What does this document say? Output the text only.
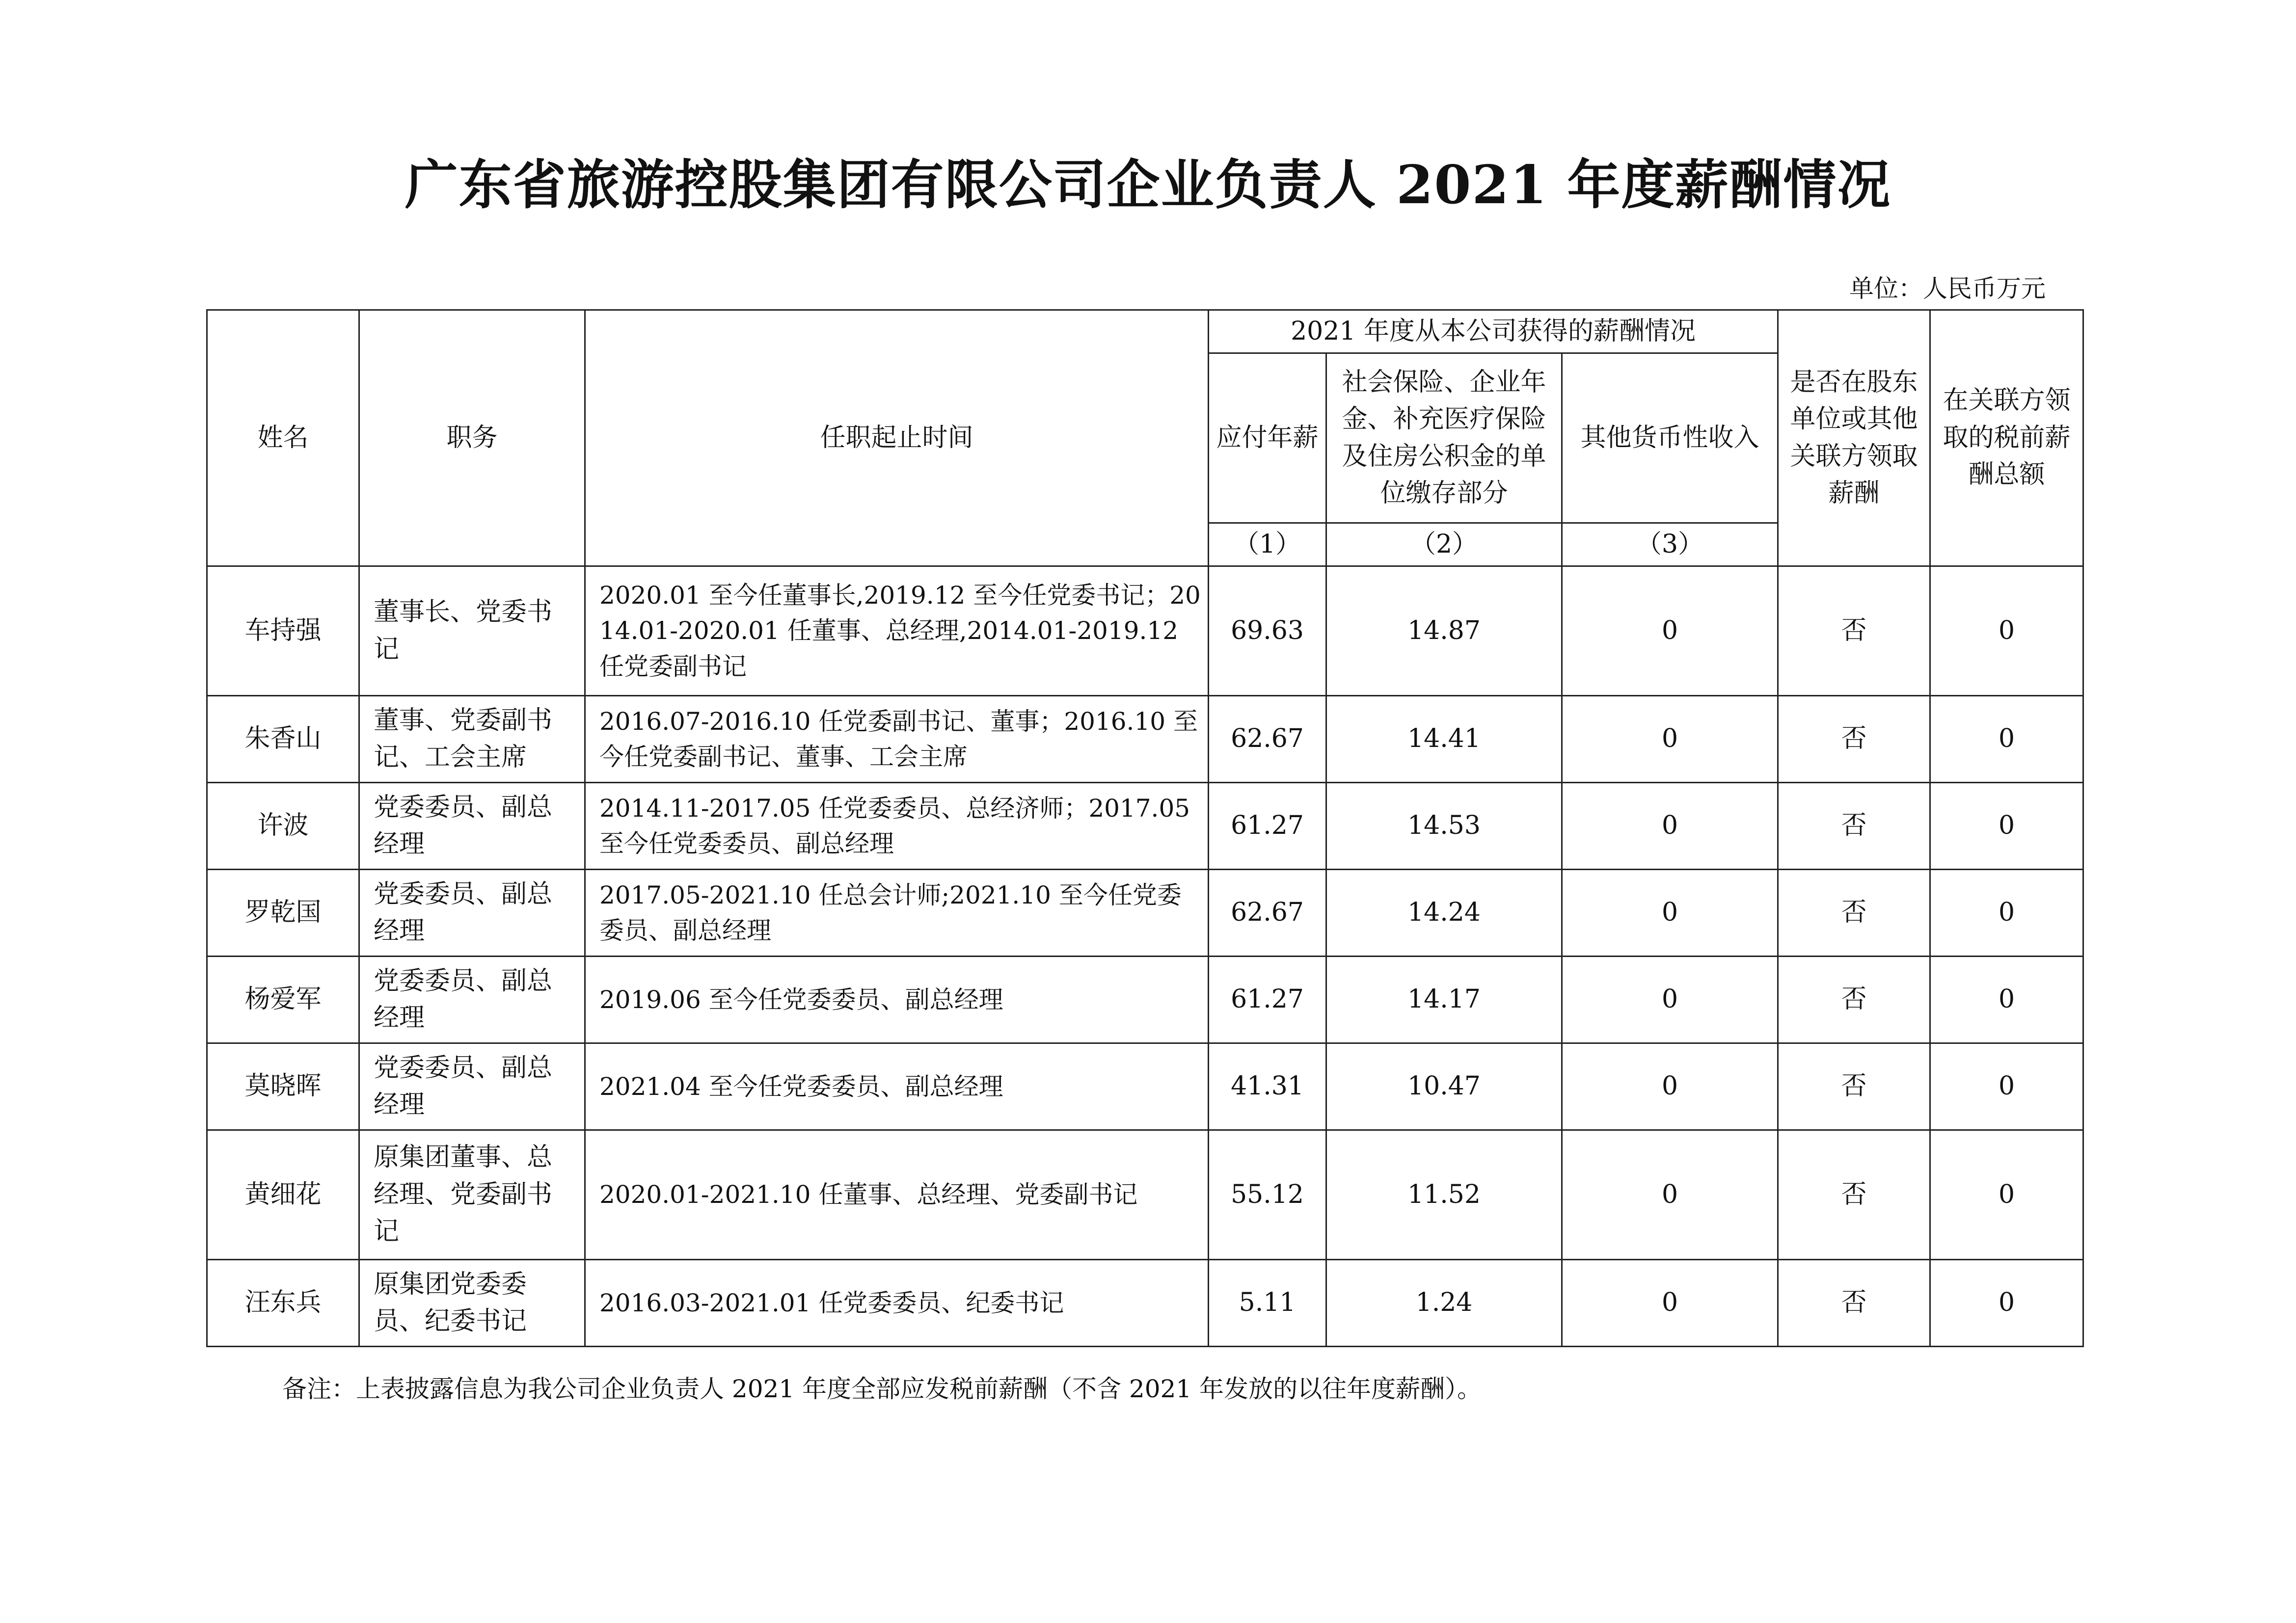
广东省旅游控股集团有限公司企业负责人 2021 年度薪酬情况
单位：人民币万元
姓名	职务	任职起止时间	2021 年度从本公司获得的薪酬情况			是否在股东单位或其他关联方领取薪酬	在关联方领取的税前薪酬总额
			应付年薪	社会保险、企业年金、补充医疗保险及住房公积金的单位缴存部分	其他货币性收入		
			（1）	（2）	（3）		
车持强	董事长、党委书记	2020.01 至今任董事长,2019.12 至今任党委书记；2014.01-2020.01 任董事、总经理,2014.01-2019.12 任党委副书记	69.63	14.87	0	否	0
朱香山	董事、党委副书记、工会主席	2016.07-2016.10 任党委副书记、董事；2016.10 至今任党委副书记、董事、工会主席	62.67	14.41	0	否	0
许波	党委委员、副总经理	2014.11-2017.05 任党委委员、总经济师；2017.05 至今任党委委员、副总经理	61.27	14.53	0	否	0
罗乾国	党委委员、副总经理	2017.05-2021.10 任总会计师;2021.10 至今任党委委员、副总经理	62.67	14.24	0	否	0
杨爱军	党委委员、副总经理	2019.06 至今任党委委员、副总经理	61.27	14.17	0	否	0
莫晓晖	党委委员、副总经理	2021.04 至今任党委委员、副总经理	41.31	10.47	0	否	0
黄细花	原集团董事、总经理、党委副书记	2020.01-2021.10 任董事、总经理、党委副书记	55.12	11.52	0	否	0
汪东兵	原集团党委委员、纪委书记	2016.03-2021.01 任党委委员、纪委书记	5.11	1.24	0	否	0
备注：上表披露信息为我公司企业负责人 2021 年度全部应发税前薪酬（不含 2021 年发放的以往年度薪酬）。
